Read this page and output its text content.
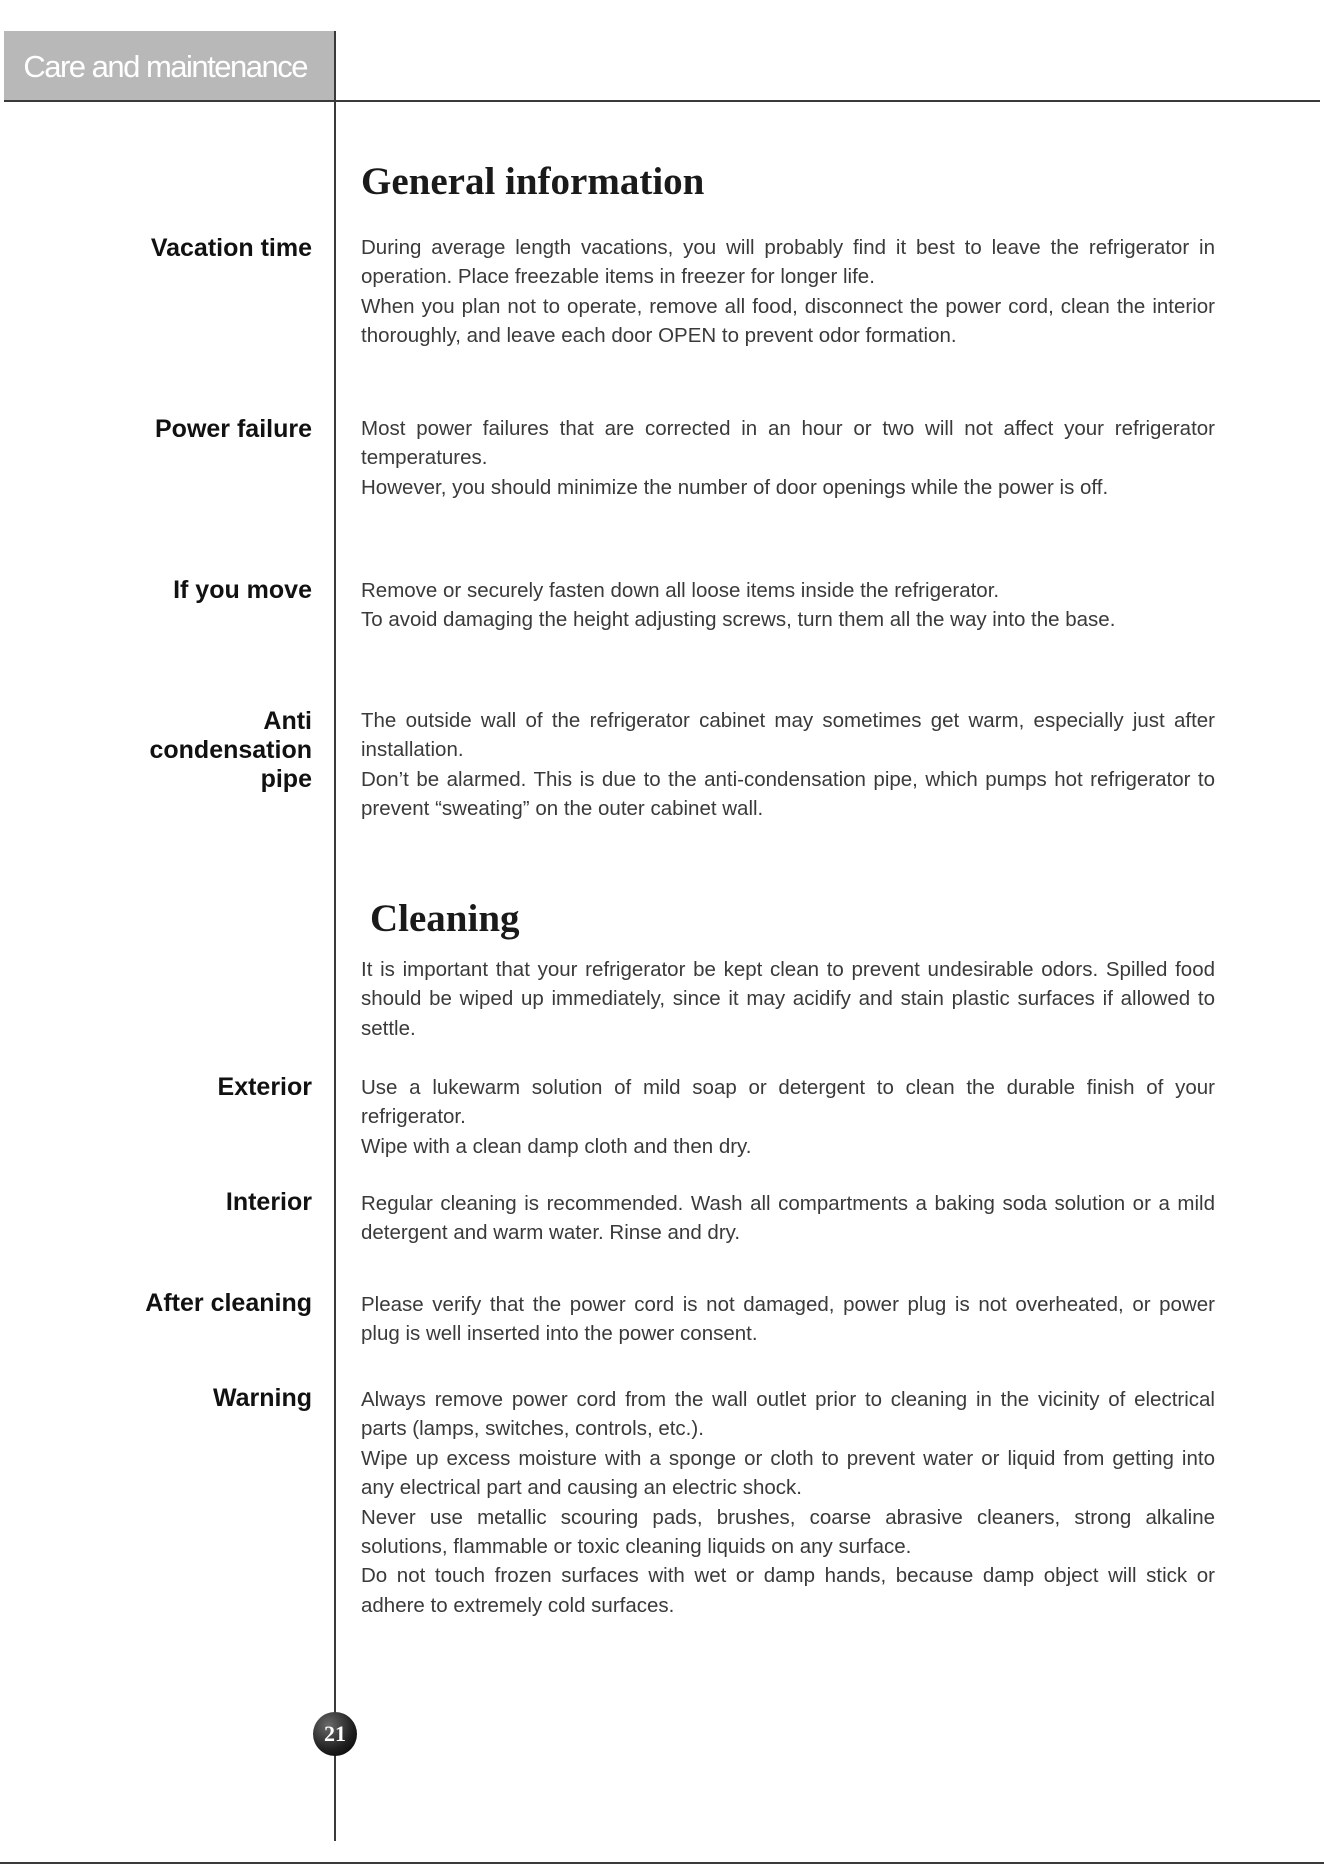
Care and maintenance
General information
Vacation time During average length vacations, you will probably find it best to leave the refrigerator in operation. Place freezable items in freezer for longer life.

When you plan not to operate, remove all food, disconnect the power cord, clean the interior thoroughly, and leave each door OPEN to prevent odor formation.

Power failure Most power failures that are corrected in an hour or two will not affect your refrigerator temperatures.

However, you should minimize the number of door openings while the power is off.

If you move Remove or securely fasten down all loose items inside the refrigerator.

To avoid damaging the height adjusting screws, turn them all the way into the base.

Anti
condensation
pipe

The outside wall of the refrigerator cabinet may sometimes get warm, especially just after installation.

Don’t be alarmed. This is due to the anti-condensation pipe, which pumps hot refrigerator to prevent “sweating” on the outer cabinet wall.

Cleaning

It is important that your refrigerator be kept clean to prevent undesirable odors. Spilled food should be wiped up immediately, since it may acidify and stain plastic surfaces if allowed to settle.

Exterior Use a lukewarm solution of mild soap or detergent to clean the durable finish of your refrigerator.

Wipe with a clean damp cloth and then dry.

Interior Regular cleaning is recommended. Wash all compartments a baking soda solution or a mild detergent and warm water. Rinse and dry.

After cleaning Please verify that the power cord is not damaged, power plug is not overheated, or power plug is well inserted into the power consent.

Warning Always remove power cord from the wall outlet prior to cleaning in the vicinity of electrical parts (lamps, switches, controls, etc.).

Wipe up excess moisture with a sponge or cloth to prevent water or liquid from getting into any electrical part and causing an electric shock.

Never use metallic scouring pads, brushes, coarse abrasive cleaners, strong alkaline solutions, flammable or toxic cleaning liquids on any surface.

Do not touch frozen surfaces with wet or damp hands, because damp object will stick or adhere to extremely cold surfaces.

21
